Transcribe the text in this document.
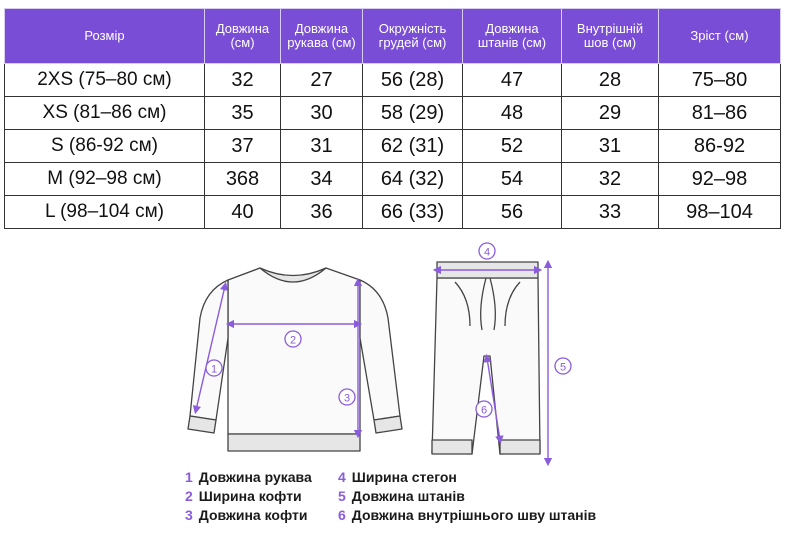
Розмір	Довжина (см)	Довжина рукава (см)	Окружність грудей (см)	Довжина штанів (см)	Внутрішній шов (см)	Зріст (см)
2XS (75–80 см)	32	27	56 (28)	47	28	75–80
XS (81–86 см)	35	30	58 (29)	48	29	81–86
S (86-92 см)	37	31	62 (31)	52	31	86-92
M (92–98 см)	368	34	64 (32)	54	32	92–98
L (98–104 см)	40	36	66 (33)	56	33	98–104
1
2
3
4
5
6
1 Довжина рукава
2 Ширина кофти
3 Довжина кофти
4 Ширина стегон
5 Довжина штанів
6 Довжина внутрішнього шву штанів
